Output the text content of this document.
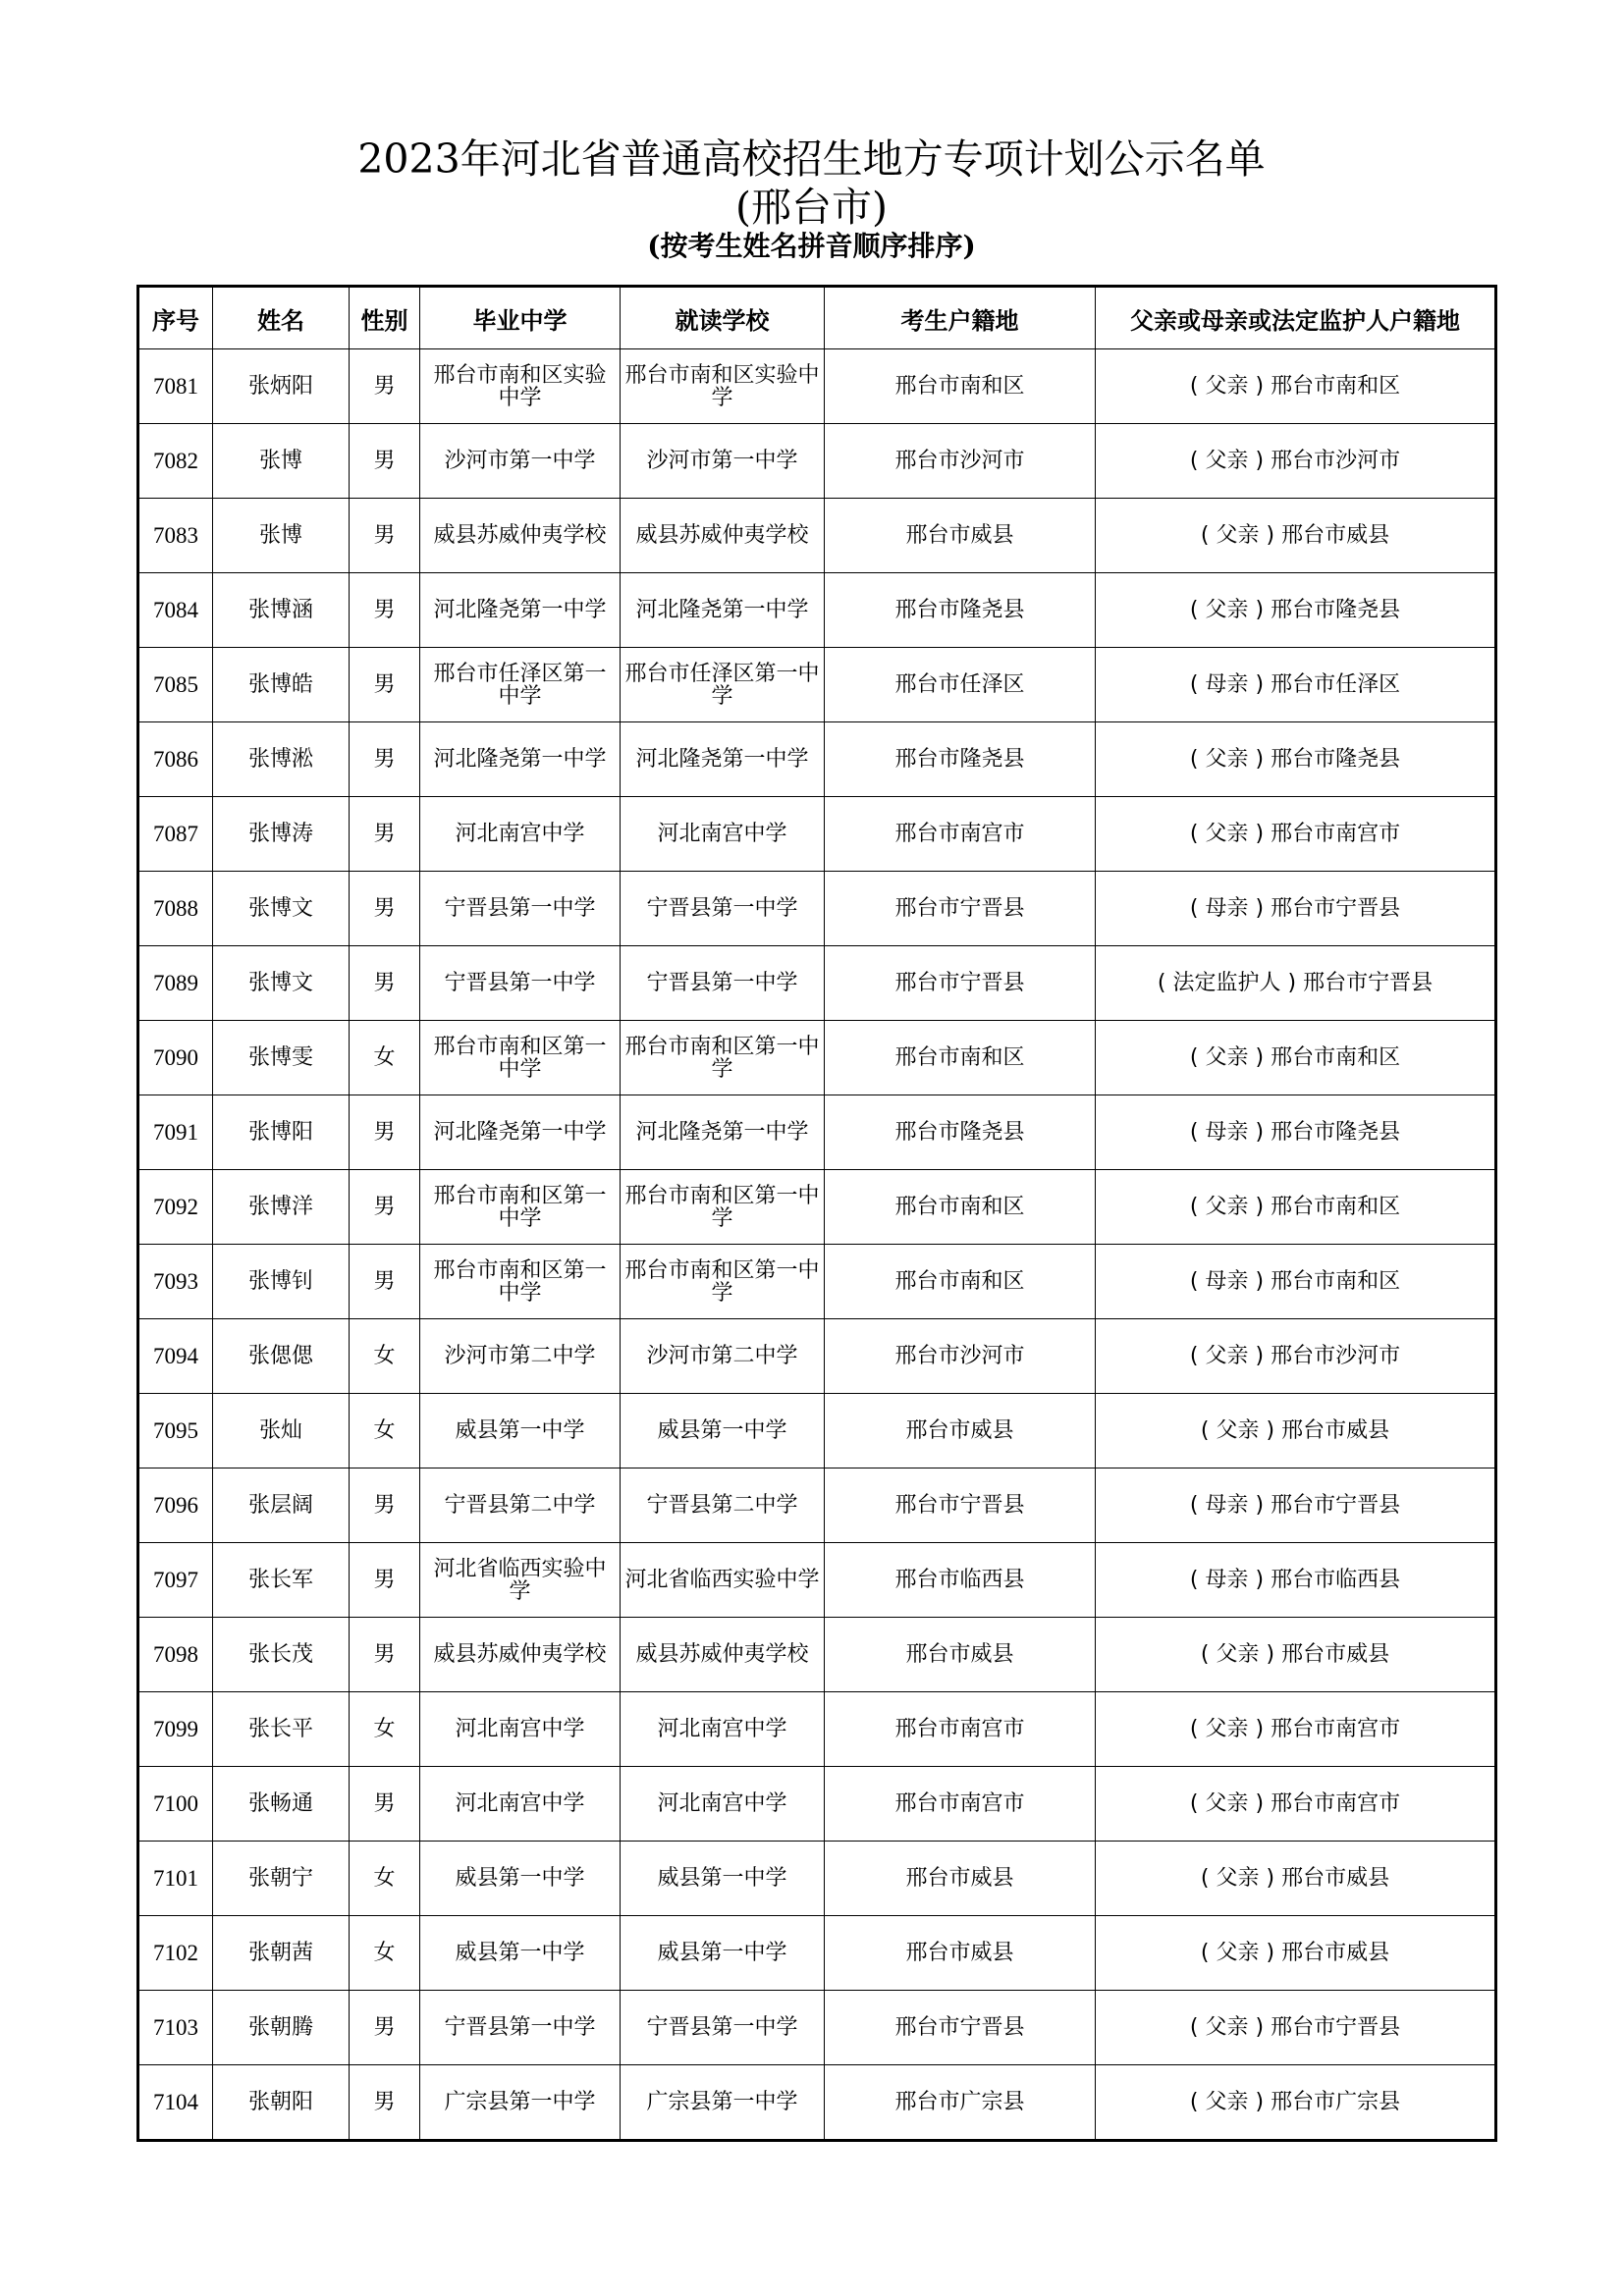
2023年河北省普通高校招生地方专项计划公示名单
(邢台市)
(按考生姓名拼音顺序排序)
序号	姓名	性别	毕业中学	就读学校	考生户籍地	父亲或母亲或法定监护人户籍地
7081	张炳阳	男	邢台市南和区实验中学	邢台市南和区实验中学	邢台市南和区	( 父亲 ) 邢台市南和区
7082	张博	男	沙河市第一中学	沙河市第一中学	邢台市沙河市	( 父亲 ) 邢台市沙河市
7083	张博	男	威县苏威仲夷学校	威县苏威仲夷学校	邢台市威县	( 父亲 ) 邢台市威县
7084	张博涵	男	河北隆尧第一中学	河北隆尧第一中学	邢台市隆尧县	( 父亲 ) 邢台市隆尧县
7085	张博皓	男	邢台市任泽区第一中学	邢台市任泽区第一中学	邢台市任泽区	( 母亲 ) 邢台市任泽区
7086	张博淞	男	河北隆尧第一中学	河北隆尧第一中学	邢台市隆尧县	( 父亲 ) 邢台市隆尧县
7087	张博涛	男	河北南宫中学	河北南宫中学	邢台市南宫市	( 父亲 ) 邢台市南宫市
7088	张博文	男	宁晋县第一中学	宁晋县第一中学	邢台市宁晋县	( 母亲 ) 邢台市宁晋县
7089	张博文	男	宁晋县第一中学	宁晋县第一中学	邢台市宁晋县	( 法定监护人 ) 邢台市宁晋县
7090	张博雯	女	邢台市南和区第一中学	邢台市南和区第一中学	邢台市南和区	( 父亲 ) 邢台市南和区
7091	张博阳	男	河北隆尧第一中学	河北隆尧第一中学	邢台市隆尧县	( 母亲 ) 邢台市隆尧县
7092	张博洋	男	邢台市南和区第一中学	邢台市南和区第一中学	邢台市南和区	( 父亲 ) 邢台市南和区
7093	张博钊	男	邢台市南和区第一中学	邢台市南和区第一中学	邢台市南和区	( 母亲 ) 邢台市南和区
7094	张偲偲	女	沙河市第二中学	沙河市第二中学	邢台市沙河市	( 父亲 ) 邢台市沙河市
7095	张灿	女	威县第一中学	威县第一中学	邢台市威县	( 父亲 ) 邢台市威县
7096	张层阔	男	宁晋县第二中学	宁晋县第二中学	邢台市宁晋县	( 母亲 ) 邢台市宁晋县
7097	张长军	男	河北省临西实验中学	河北省临西实验中学	邢台市临西县	( 母亲 ) 邢台市临西县
7098	张长茂	男	威县苏威仲夷学校	威县苏威仲夷学校	邢台市威县	( 父亲 ) 邢台市威县
7099	张长平	女	河北南宫中学	河北南宫中学	邢台市南宫市	( 父亲 ) 邢台市南宫市
7100	张畅通	男	河北南宫中学	河北南宫中学	邢台市南宫市	( 父亲 ) 邢台市南宫市
7101	张朝宁	女	威县第一中学	威县第一中学	邢台市威县	( 父亲 ) 邢台市威县
7102	张朝茜	女	威县第一中学	威县第一中学	邢台市威县	( 父亲 ) 邢台市威县
7103	张朝腾	男	宁晋县第一中学	宁晋县第一中学	邢台市宁晋县	( 父亲 ) 邢台市宁晋县
7104	张朝阳	男	广宗县第一中学	广宗县第一中学	邢台市广宗县	( 父亲 ) 邢台市广宗县
